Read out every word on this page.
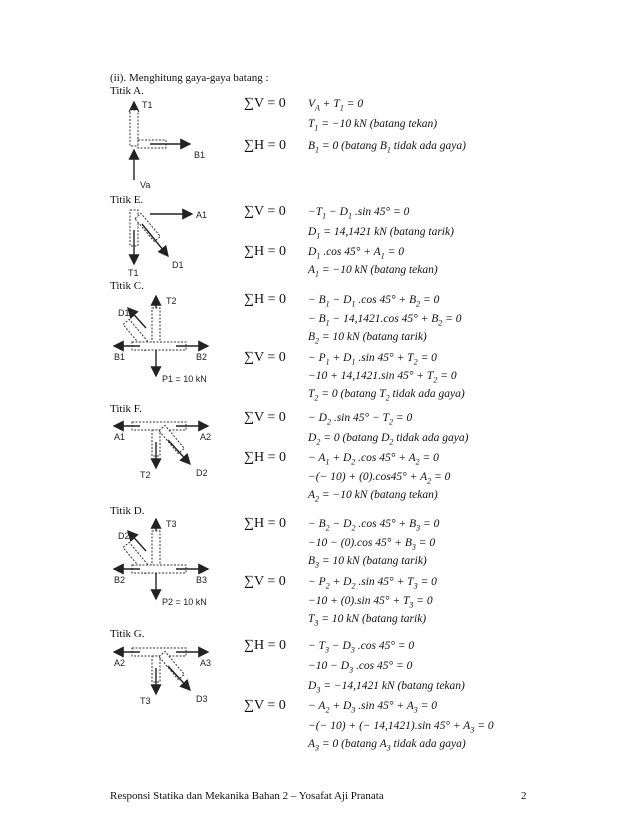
(ii). Menghitung gaya-gaya batang :
Titik A.
T1
B1
Va
∑V = 0 $V_A + T_1 = 0$
$T_1 = -10$ kN (batang tekan)
∑H = 0 $B_1 = 0$ (batang $B_1$ tidak ada gaya)
Titik E.
A1
T1
D1
$\sum V = 0 -T_1 - D_1$ .sin 45° = 0
$D_1 = 14,1421$ kN (batang tarik)
∑H = 0 $D_1$ .cos $45^\circ + A_1 = 0$
$A_1 = -10$ kN (batang tekan)
Titik C.
D1
T2
B1	B2
P1 = 10 kN
$\sum H = 0 - B_1 - D_1$ .cos $45^\circ + B_2 = 0$
− $B_1 - 14,1421.\cos$ $45^\circ + B_2 = 0$
$B_2 = 10$ kN (batang tarik)
$\sum V = 0 - P_1 + D_1$ .sin $45^\circ + T_2 = 0$
−10 + 14,1421.sin $45^\circ + T_2 = 0$
$T_2 = 0$ (batang $T_2$ tidak ada gaya)
Titik F.
A1	A2
T2	D2
$\sum V = 0 - D_2$ .sin $45^\circ - T_2 = 0$
$D_2 = 0$ (batang $D_2$ tidak ada gaya)
$\sum H = 0 - A_1 + D_2$ .cos $45^\circ + A_2 = 0$
−(− $10) + (0).\cos 45^\circ + A_2 = 0$
$A_2 = -10$ kN (batang tekan)
Titik D.
D2
T3
B2	B3
P2 = 10 kN
$\sum H = 0 - B_2 - D_2$ .cos $45^\circ + B_3 = 0$
−10 − (0).cos $45^\circ + B_3 = 0$
$B_3 = 10$ kN (batang tarik)
$\sum V = 0 - P_2 + D_2$ .sin $45^\circ + T_3 = 0$
−10 + (0).sin $45^\circ + T_3 = 0$
$T_3 = 10$ kN (batang tarik)
Titik G.
A2	A3
T3	D3
$\sum H = 0 - T_3 - D_3$ .cos 45° = 0
$-10 - D_3$ .cos 45° = 0
$D_3 = -14,1421$ kN (batang tekan)
$\sum V = 0 - A_2 + D_3$ .sin $45^\circ + A_3 = 0$
−(− 10) + (− 14,1421).sin $45^\circ + A_3 = 0$
$A_3 = 0$ (batang $A_3$ tidak ada gaya)
Responsi Statika dan Mekanika Bahan 2 – Yosafat Aji Pranata	2
